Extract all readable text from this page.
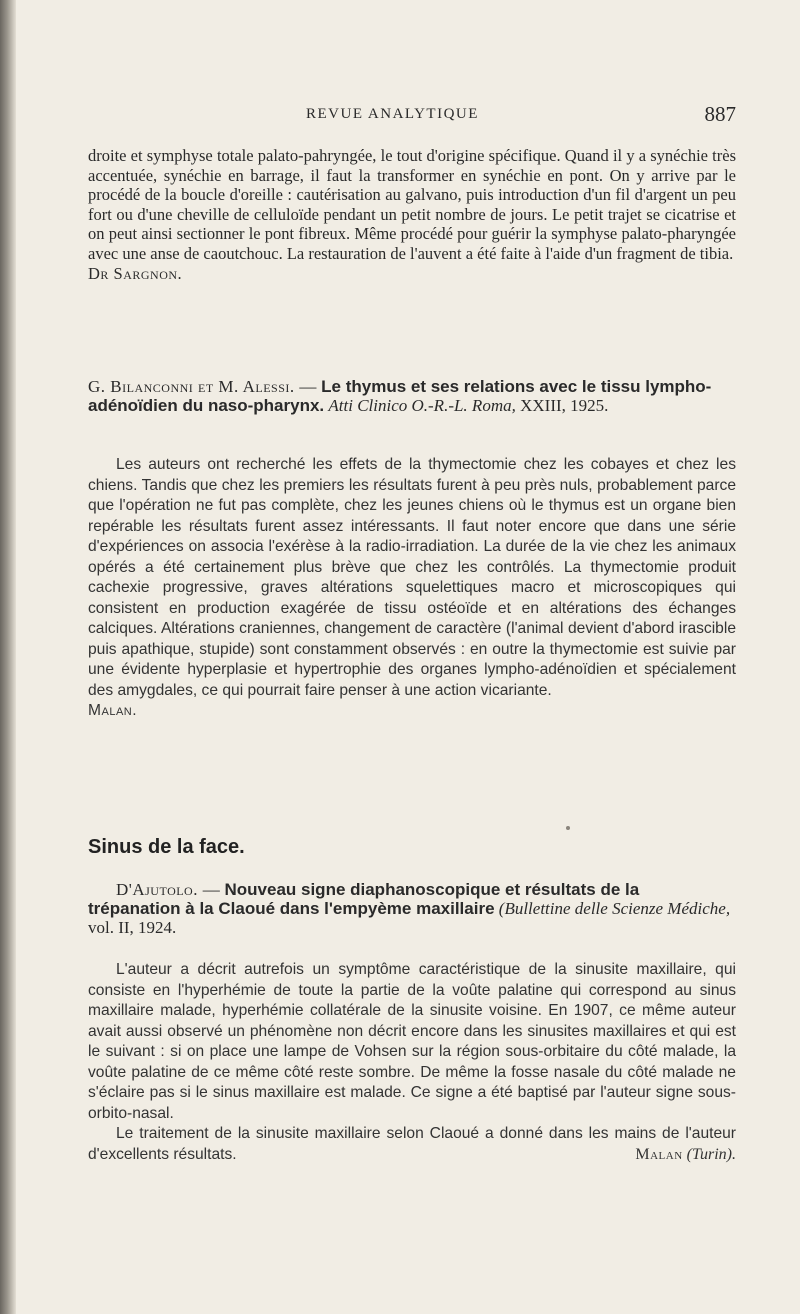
REVUE ANALYTIQUE	887

droite et symphyse totale palato-pahryngée, le tout d'origine spécifique. Quand il y a synéchie très accentuée, synéchie en barrage, il faut la transformer en synéchie en pont. On y arrive par le procédé de la boucle d'oreille : cautérisation au galvano, puis introduction d'un fil d'argent un peu fort ou d'une cheville de celluloïde pendant un petit nombre de jours. Le petit trajet se cicatrise et on peut ainsi sectionner le pont fibreux. Même procédé pour guérir la symphyse palato-pharyngée avec une anse de caoutchouc. La restauration de l'auvent a été faite à l'aide d'un fragment de tibia.

Dr Sargnon.

G. Bilanconni et M. Alessi. — Le thymus et ses relations avec le tissu lympho-adénoïdien du naso-pharynx. Atti Clinico O.-R.-L. Roma, XXIII, 1925.

Les auteurs ont recherché les effets de la thymectomie chez les cobayes et chez les chiens. Tandis que chez les premiers les résultats furent à peu près nuls, probablement parce que l'opération ne fut pas complète, chez les jeunes chiens où le thymus est un organe bien repérable les résultats furent assez intéressants. Il faut noter encore que dans une série d'expériences on associa l'exérèse à la radio-irradiation. La durée de la vie chez les animaux opérés a été certainement plus brève que chez les contrôlés. La thymectomie produit cachexie progressive, graves altérations squelettiques macro et microscopiques qui consistent en production exagérée de tissu ostéoïde et en altérations des échanges calciques. Altérations craniennes, changement de caractère (l'animal devient d'abord irascible puis apathique, stupide) sont constamment observés : en outre la thymectomie est suivie par une évidente hyperplasie et hypertrophie des organes lympho-adénoïdien et spécialement des amygdales, ce qui pourrait faire penser à une action vicariante.

Malan.

Sinus de la face.
D'Ajutolo. — Nouveau signe diaphanoscopique et résultats de la trépanation à la Claoué dans l'empyème maxillaire (Bullettine delle Scienze Médiche, vol. II, 1924.

L'auteur a décrit autrefois un symptôme caractéristique de la sinusite maxillaire, qui consiste en l'hyperhémie de toute la partie de la voûte palatine qui correspond au sinus maxillaire malade, hyperhémie collatérale de la sinusite voisine. En 1907, ce même auteur avait aussi observé un phénomène non décrit encore dans les sinusites maxillaires et qui est le suivant : si on place une lampe de Vohsen sur la région sous-orbitaire du côté malade, la voûte palatine de ce même côté reste sombre. De même la fosse nasale du côté malade ne s'éclaire pas si le sinus maxillaire est malade. Ce signe a été baptisé par l'auteur signe sous-orbito-nasal.

Le traitement de la sinusite maxillaire selon Claoué a donné dans les mains de l'auteur d'excellents résultats.	Malan (Turin).
